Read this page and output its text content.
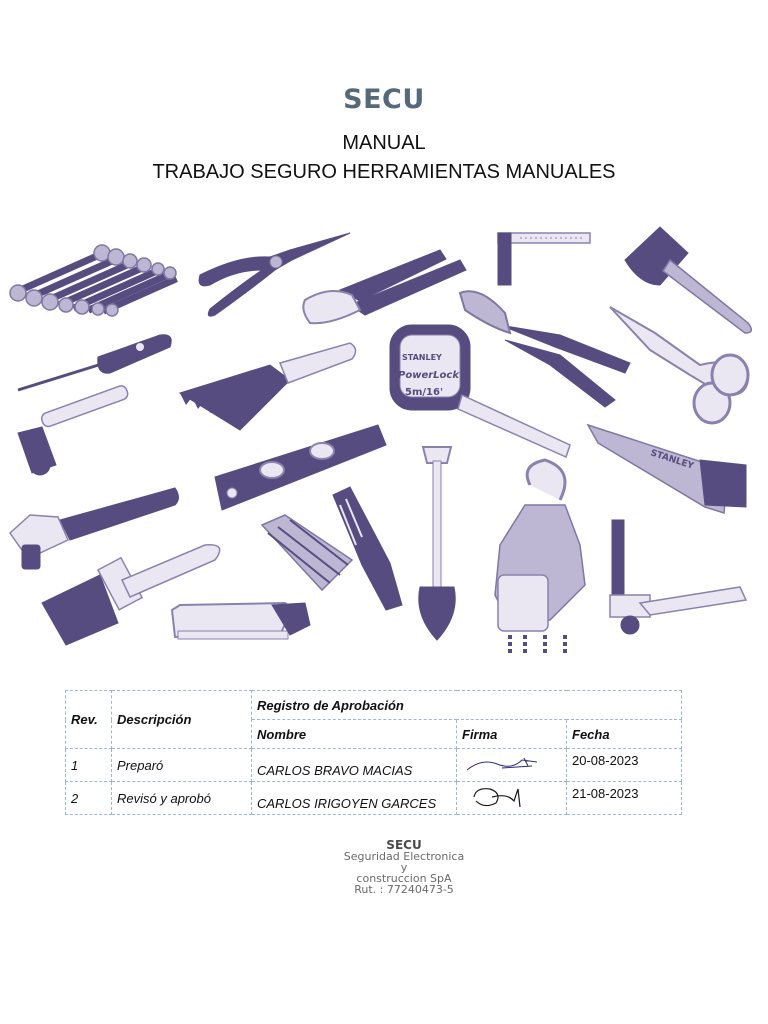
SECU
MANUAL
TRABAJO SEGURO HERRAMIENTAS MANUALES
STANLEY
PowerLock
5m/16'
STANLEY
Rev.	Descripción	Registro de Aprobación		
		Nombre	Firma	Fecha
1	Preparó	CARLOS BRAVO MACIAS		20-08-2023
2	Revisó y aprobó	CARLOS IRIGOYEN GARCES		21-08-2023
SECU
Seguridad Electronica
y
construccion SpA
Rut. : 77240473-5
